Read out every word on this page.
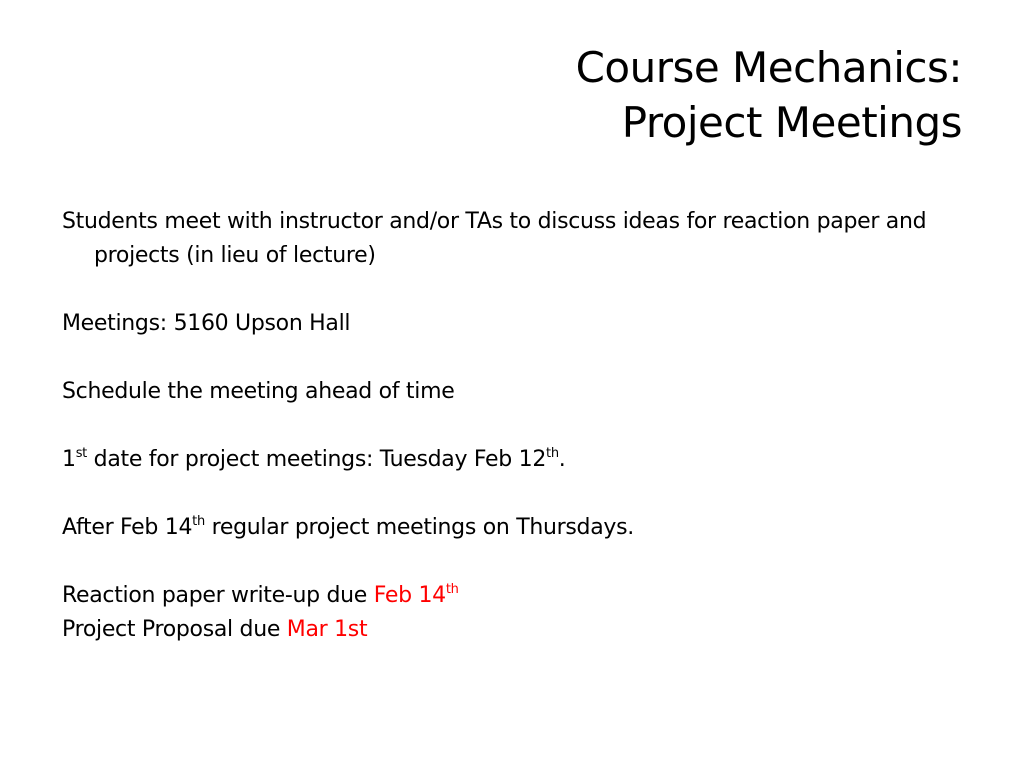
Course Mechanics:
Project Meetings

Students meet with instructor and/or TAs to discuss ideas for reaction paper and projects (in lieu of lecture)

Meetings: 5160 Upson Hall

Schedule the meeting ahead of time

1st date for project meetings: Tuesday Feb 12th.

After Feb 14th regular project meetings on Thursdays.

Reaction paper write-up due Feb 14th

Project Proposal due Mar 1st
